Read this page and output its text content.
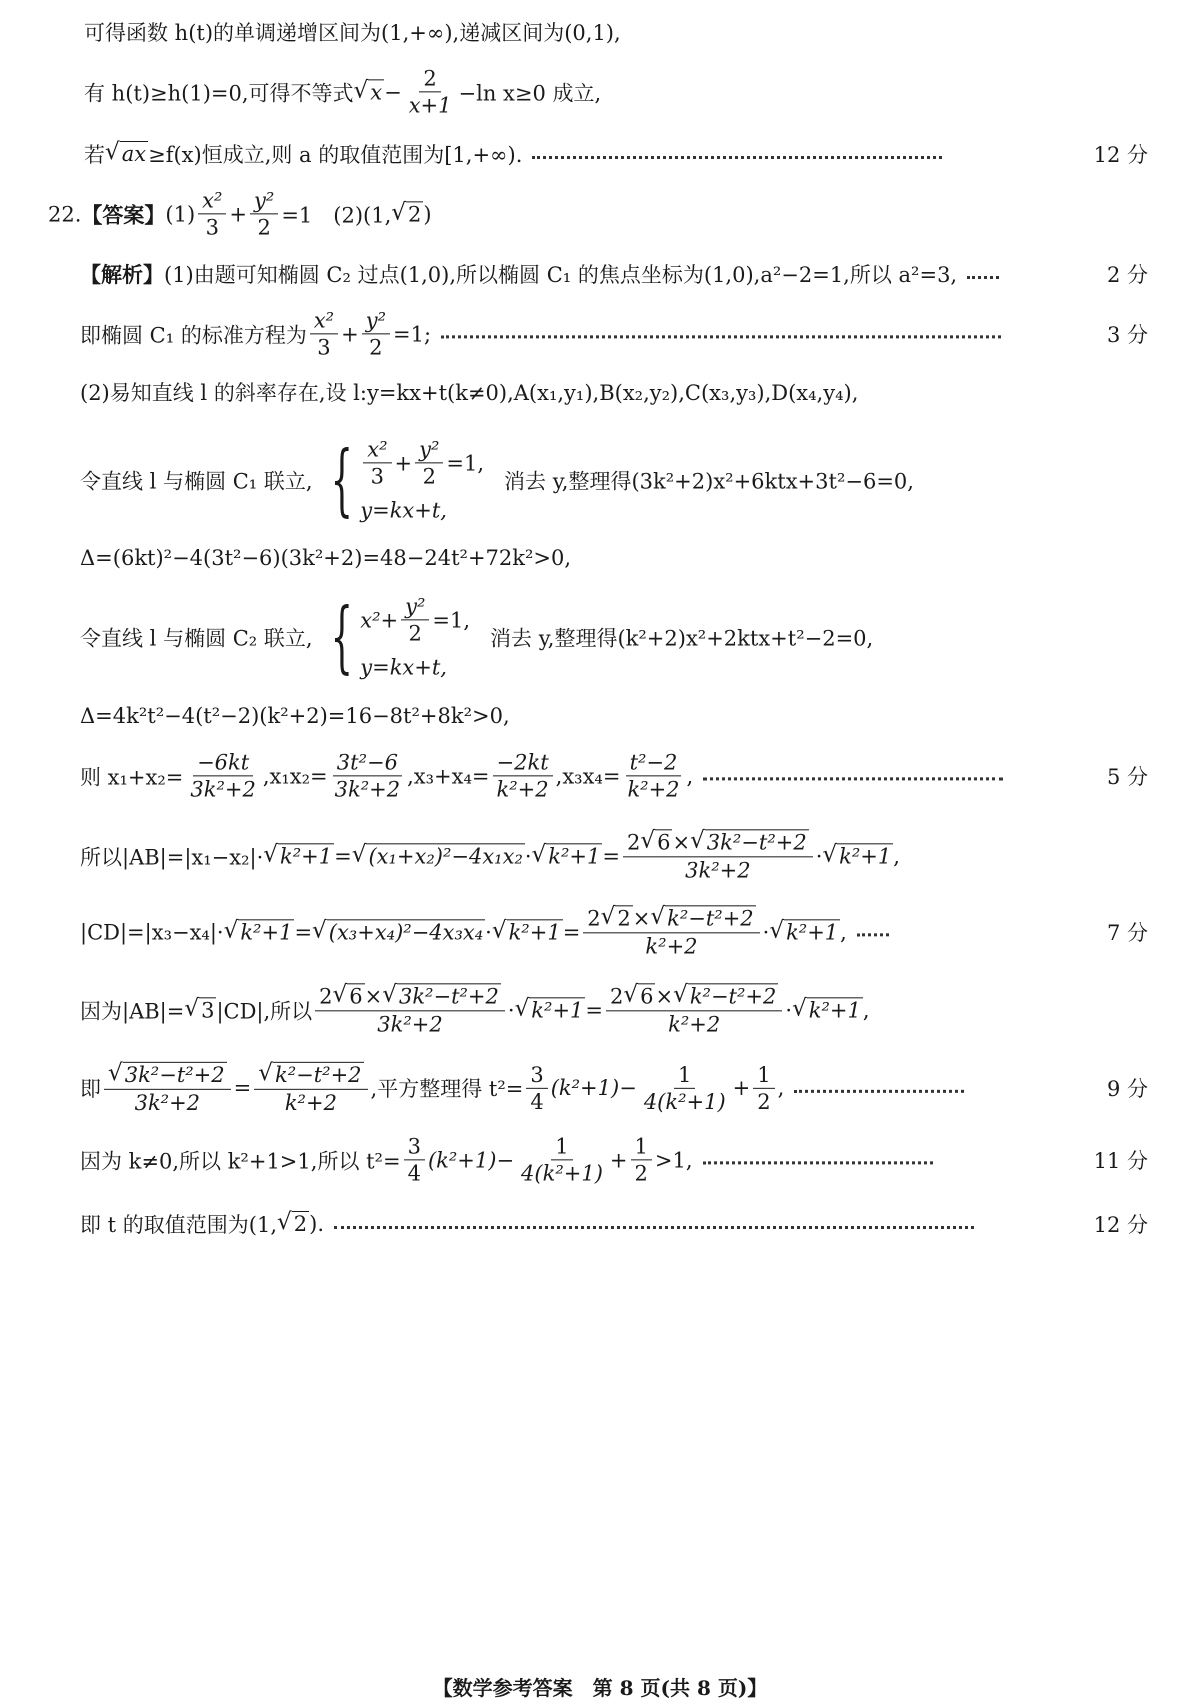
可得函数 h(t)的单调递增区间为(1,+∞),递减区间为(0,1),
有 h(t)≥h(1)=0,可得不等式 √ $x - \frac{2}{x+1} -\ln$ x≥0 成立,
若 √ ax ≥f(x)恒成立,则 a 的取值范围为[1,+∞).	12 分
22. 【答案】 (1)
x²
3
+ $\frac{\text{y²}}{2} =1$　(2)(1, √ 2 )
【解析】 (1)由题可知椭圆 C₂ 过点(1,0),所以椭圆 C₁ 的焦点坐标为(1,0),a²−2=1,所以 a²=3,	2 分
即椭圆 C₁ 的标准方程为
x²
3
+ $\frac{\text{y²}}{2} =1$;	3 分
(2)易知直线 l 的斜率存在,设 l:y=kx+t(k≠0),A(x₁,y₁),B(x₂,y₂),C(x₃,y₃),D(x₄,y₄),
令直线 l 与椭圆 C₁ 联立, { x²
3
+ $\frac{\text{y²}}{2} =1$,
y=kx+t,
消去 y,整理得(3k²+2)x²+6ktx+3t²−6=0,
Δ=(6kt)²−4(3t²−6)(3k²+2)=48−24t²+72k²>0,
令直线 l 与椭圆 C₂ 联立, { $x^2+ \frac{\text{y²}}{2} =1$,
y=kx+t,
消去 y,整理得(k²+2)x²+2ktx+t²−2=0,
Δ=4k²t²−4(t²−2)(k²+2)=16−8t²+8k²>0,
则 $x_1+x_2= \frac{-6kt}{\text{3k²+2}} ,x_1x_2= \frac{\text{3t²−6}}{\text{3k²+2}} ,x_3+x_4= \frac{-2kt}{\text{k²+2}} ,x_3x_4= \frac{\text{t²−2}}{\text{k²+2}}$ ,	5 分
所以|AB|=|x₁−x₂|· √ k²+1 = √ (x₁+x₂)²−4x₁x₂ · √ $k^2+1 = \frac{\text{2 √ 6 × √ 3k²−t²+2}}{\text{3k²+2}}$ · √ k²+1 ,
|CD|=|x₃−x₄|· √ k²+1 = √ (x₃+x₄)²−4x₃x₄ · √ $k^2+1 = \frac{\text{2 √ 2 × √ k²−t²+2}}{\text{k²+2}}$ · √ k²+1 ,	7 分
因为|AB|= √ 3 |CD|,所以
2 √ 6 × √ 3k²−t²+2
3k²+2
· √ $k^2+1 = \frac{\text{2 √ 6 × √ k²−t²+2}}{\text{k²+2}}$ · √ k²+1 ,
即 $\frac{\text{√ 3k²−t²+2}}{\text{3k²+2}} = \frac{\text{√ k²−t²+2}}{\text{k²+2}}$ ,平方整理得 $t^2= \frac{3}{4} (k^2+1)- \frac{1}{\text{4(k²+1)}} + \frac{1}{2}$ ,	9 分
因为 k≠0,所以 k²+1>1,所以 $t^2= \frac{3}{4} (k^2+1)- \frac{1}{\text{4(k²+1)}} + \frac{1}{2} >1$,	11 分
即 t 的取值范围为(1, √ 2 ).	12 分
【数学参考答案　第 8 页(共 8 页)】
